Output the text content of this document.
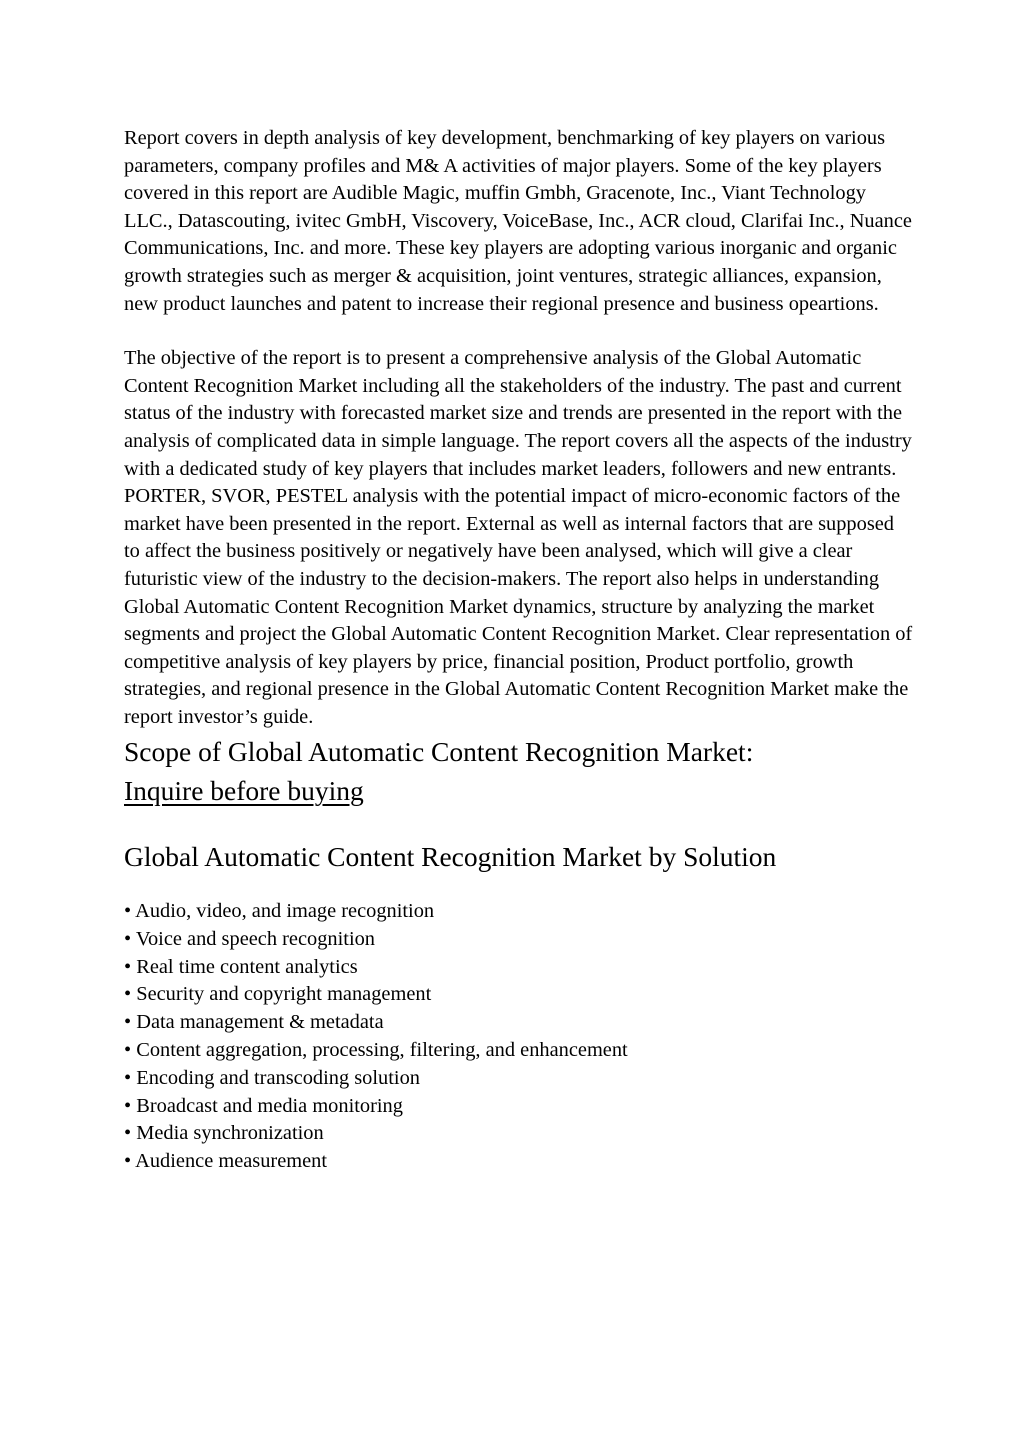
Report covers in depth analysis of key development, benchmarking of key players on various parameters, company profiles and M& A activities of major players. Some of the key players covered in this report are Audible Magic, muffin Gmbh, Gracenote, Inc., Viant Technology LLC., Datascouting, ivitec GmbH, Viscovery, VoiceBase, Inc., ACR cloud, Clarifai Inc., Nuance Communications, Inc. and more. These key players are adopting various inorganic and organic growth strategies such as merger & acquisition, joint ventures, strategic alliances, expansion, new product launches and patent to increase their regional presence and business opeartions.

The objective of the report is to present a comprehensive analysis of the Global Automatic Content Recognition Market including all the stakeholders of the industry. The past and current status of the industry with forecasted market size and trends are presented in the report with the analysis of complicated data in simple language. The report covers all the aspects of the industry with a dedicated study of key players that includes market leaders, followers and new entrants. PORTER, SVOR, PESTEL analysis with the potential impact of micro-economic factors of the market have been presented in the report. External as well as internal factors that are supposed to affect the business positively or negatively have been analysed, which will give a clear futuristic view of the industry to the decision-makers. The report also helps in understanding Global Automatic Content Recognition Market dynamics, structure by analyzing the market segments and project the Global Automatic Content Recognition Market. Clear representation of competitive analysis of key players by price, financial position, Product portfolio, growth strategies, and regional presence in the Global Automatic Content Recognition Market make the report investor’s guide.

Scope of Global Automatic Content Recognition Market:
Inquire before buying
Global Automatic Content Recognition Market by Solution
• Audio, video, and image recognition
• Voice and speech recognition
• Real time content analytics
• Security and copyright management
• Data management & metadata
• Content aggregation, processing, filtering, and enhancement
• Encoding and transcoding solution
• Broadcast and media monitoring
• Media synchronization
• Audience measurement
